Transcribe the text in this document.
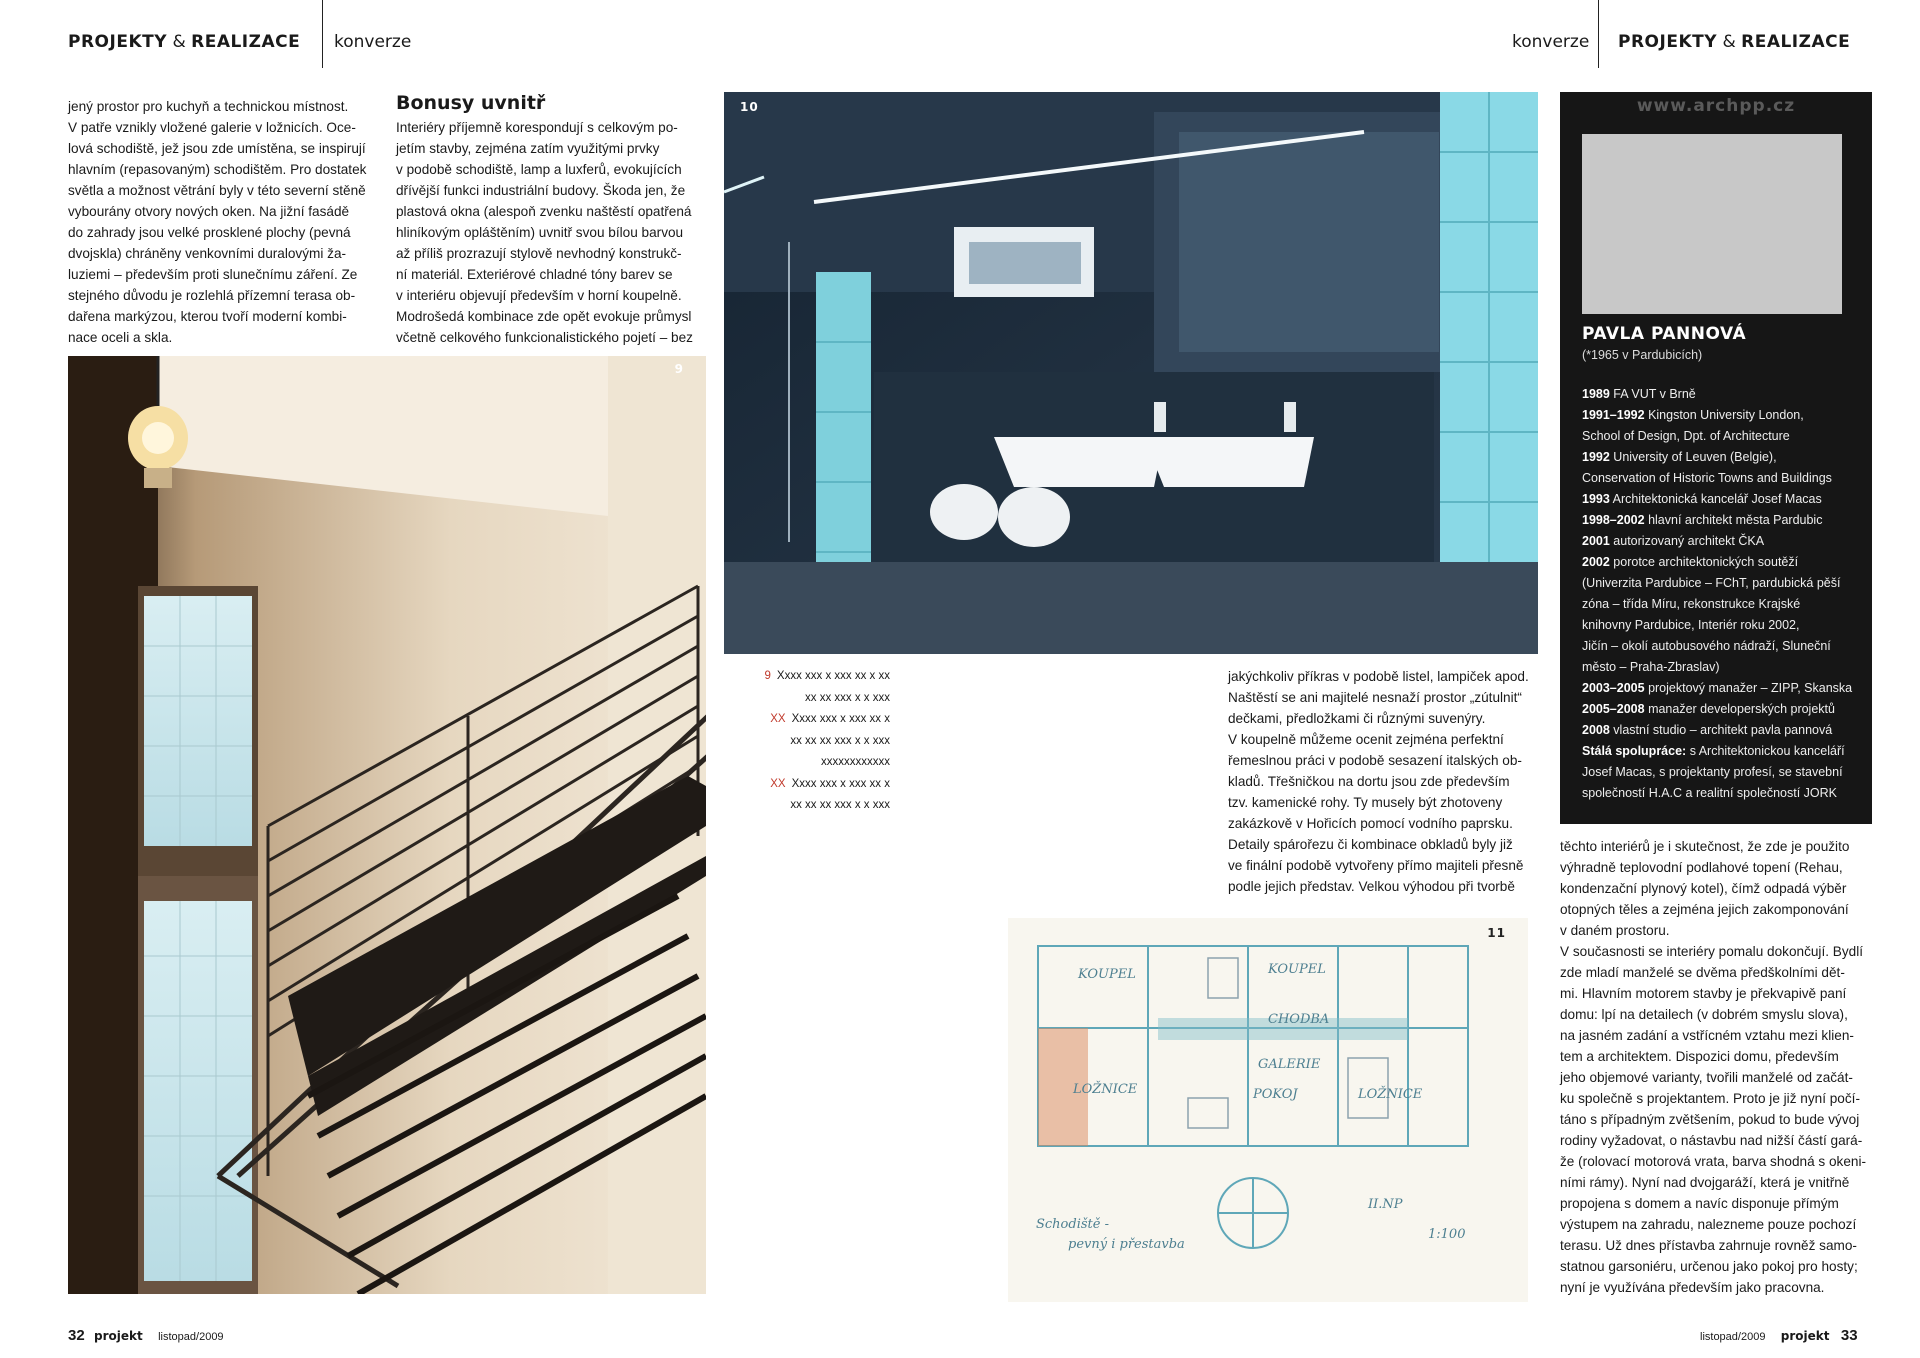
PROJEKTY & REALIZACE konverze	konverze PROJEKTY & REALIZACE
jený prostor pro kuchyň a technickou místnost.
V patře vznikly vložené galerie v ložnicích. Oce-
lová schodiště, jež jsou zde umístěna, se inspirují
hlavním (repasovaným) schodištěm. Pro dostatek
světla a možnost větrání byly v této severní stěně
vybourány otvory nových oken. Na jižní fasádě
do zahrady jsou velké prosklené plochy (pevná
dvojskla) chráněny venkovními duralovými ža-
luziemi – především proti slunečnímu záření. Ze
stejného důvodu je rozlehlá přízemní terasa ob-
dařena markýzou, kterou tvoří moderní kombi-
nace oceli a skla.
Bonusy uvnitř
Interiéry příjemně korespondují s celkovým po-
jetím stavby, zejména zatím využitými prvky
v podobě schodiště, lamp a luxferů, evokujících
dřívější funkci industriální budovy. Škoda jen, že
plastová okna (alespoň zvenku naštěstí opatřená
hliníkovým opláštěním) uvnitř svou bílou barvou
až příliš prozrazují stylově nevhodný konstrukč-
ní materiál. Exteriérové chladné tóny barev se
v interiéru objevují především v horní koupelně.
Modrošedá kombinace zde opět evokuje průmysl
včetně celkového funkcionalistického pojetí – bez
9
10
9 Xxxx xxx x xxx xx x xx
xx xx xxx x x xxx
XX Xxxx xxx x xxx xx x
xx xx xx xxx x x xxx
xxxxxxxxxxxx
XX Xxxx xxx x xxx xx x
xx xx xx xxx x x xxx
jakýchkoliv příkras v podobě listel, lampiček apod.
Naštěstí se ani majitelé nesnaží prostor „zútulnit“
dečkami, předložkami či různými suvenýry.
V koupelně můžeme ocenit zejména perfektní
řemeslnou práci v podobě sesazení italských ob-
kladů. Třešničkou na dortu jsou zde především
tzv. kamenické rohy. Ty musely být zhotoveny
zakázkově v Hořicích pomocí vodního paprsku.
Detaily spárořezu či kombinace obkladů byly již
ve finální podobě vytvořeny přímo majiteli přesně
podle jejich představ. Velkou výhodou při tvorbě
KOUPEL	KOUPEL
CHODBA
LOŽNICE	LOŽNICE
GALERIE
POKOJ
Schodiště -
pevný i přestavba
II.NP
1:100
11
www.archpp.cz
PAVLA PANNOVÁ
(*1965 v Pardubicích)
1989 FA VUT v Brně
1991–1992 Kingston University London,
School of Design, Dpt. of Architecture
1992 University of Leuven (Belgie),
Conservation of Historic Towns and Buildings
1993 Architektonická kancelář Josef Macas
1998–2002 hlavní architekt města Pardubic
2001 autorizovaný architekt ČKA
2002 porotce architektonických soutěží
(Univerzita Pardubice – FChT, pardubická pěší
zóna – třída Míru, rekonstrukce Krajské
knihovny Pardubice, Interiér roku 2002,
Jičín – okolí autobusového nádraží, Sluneční
město – Praha-Zbraslav)
2003–2005 projektový manažer – ZIPP, Skanska
2005–2008 manažer developerských projektů
2008 vlastní studio – architekt pavla pannová
Stálá spolupráce: s Architektonickou kanceláří
Josef Macas, s projektanty profesí, se stavební
společností H.A.C a realitní společností JORK
těchto interiérů je i skutečnost, že zde je použito
výhradně teplovodní podlahové topení (Rehau,
kondenzační plynový kotel), čímž odpadá výběr
otopných těles a zejména jejich zakomponování
v daném prostoru.
V současnosti se interiéry pomalu dokončují. Bydlí
zde mladí manželé se dvěma předškolními dět-
mi. Hlavním motorem stavby je překvapivě paní
domu: lpí na detailech (v dobrém smyslu slova),
na jasném zadání a vstřícném vztahu mezi klien-
tem a architektem. Dispozici domu, především
jeho objemové varianty, tvořili manželé od začát-
ku společně s projektantem. Proto je již nyní počí-
táno s případným zvětšením, pokud to bude vývoj
rodiny vyžadovat, o nástavbu nad nižší částí gará-
že (rolovací motorová vrata, barva shodná s okeni-
ními rámy). Nyní nad dvojgaráží, která je vnitřně
propojena s domem a navíc disponuje přímým
výstupem na zahradu, nalezneme pouze pochozí
terasu. Už dnes přístavba zahrnuje rovněž samo-
statnou garsoniéru, určenou jako pokoj pro hosty;
nyní je využívána především jako pracovna.
32 projekt listopad/2009	listopad/2009 projekt 33
